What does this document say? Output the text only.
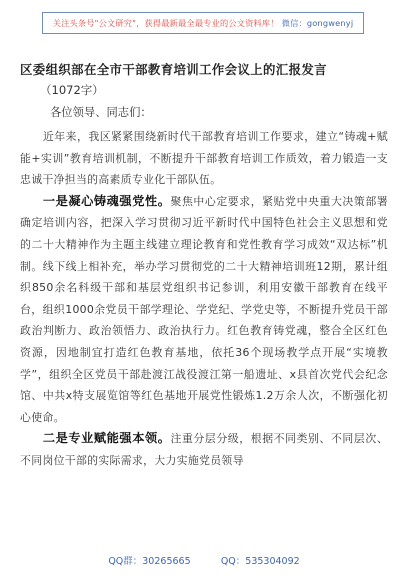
关注头条号"公文研究"，获得最新最全最专业的公文资料库！ 微信：gongwenyj
区委组织部在全市干部教育培训工作会议上的汇报发言
（1072字）
各位领导、同志们：

近年来，我区紧紧围绕新时代干部教育培训工作要求，建立“铸魂+赋能+实训”教育培训机制，不断提升干部教育培训工作质效，着力锻造一支忠诚干净担当的高素质专业化干部队伍。

一是凝心铸魂强党性。聚焦中心定要求，紧贴党中央重大决策部署确定培训内容，把深入学习贯彻习近平新时代中国特色社会主义思想和党的二十大精神作为主题主线建立理论教育和党性教育学习成效“双达标”机制。线下线上相补充，举办学习贯彻党的二十大精神培训班12期，累计组织850余名科级干部和基层党组织书记参训，利用安徽干部教育在线平台，组织1000余党员干部学理论、学党纪、学党史等，不断提升党员干部政治判断力、政治领悟力、政治执行力。红色教育铸党魂，整合全区红色资源，因地制宜打造红色教育基地，依托36个现场教学点开展“实境教学”，组织全区党员干部赴渡江战役渡江第一船遗址、x县首次党代会纪念馆、中共x特支展览馆等红色基地开展党性锻炼1.2万余人次，不断强化初心使命。

二是专业赋能强本领。注重分层分级，根据不同类别、不同层次、不同岗位干部的实际需求，大力实施党员领导

QQ群：30265665	QQ：535304092
